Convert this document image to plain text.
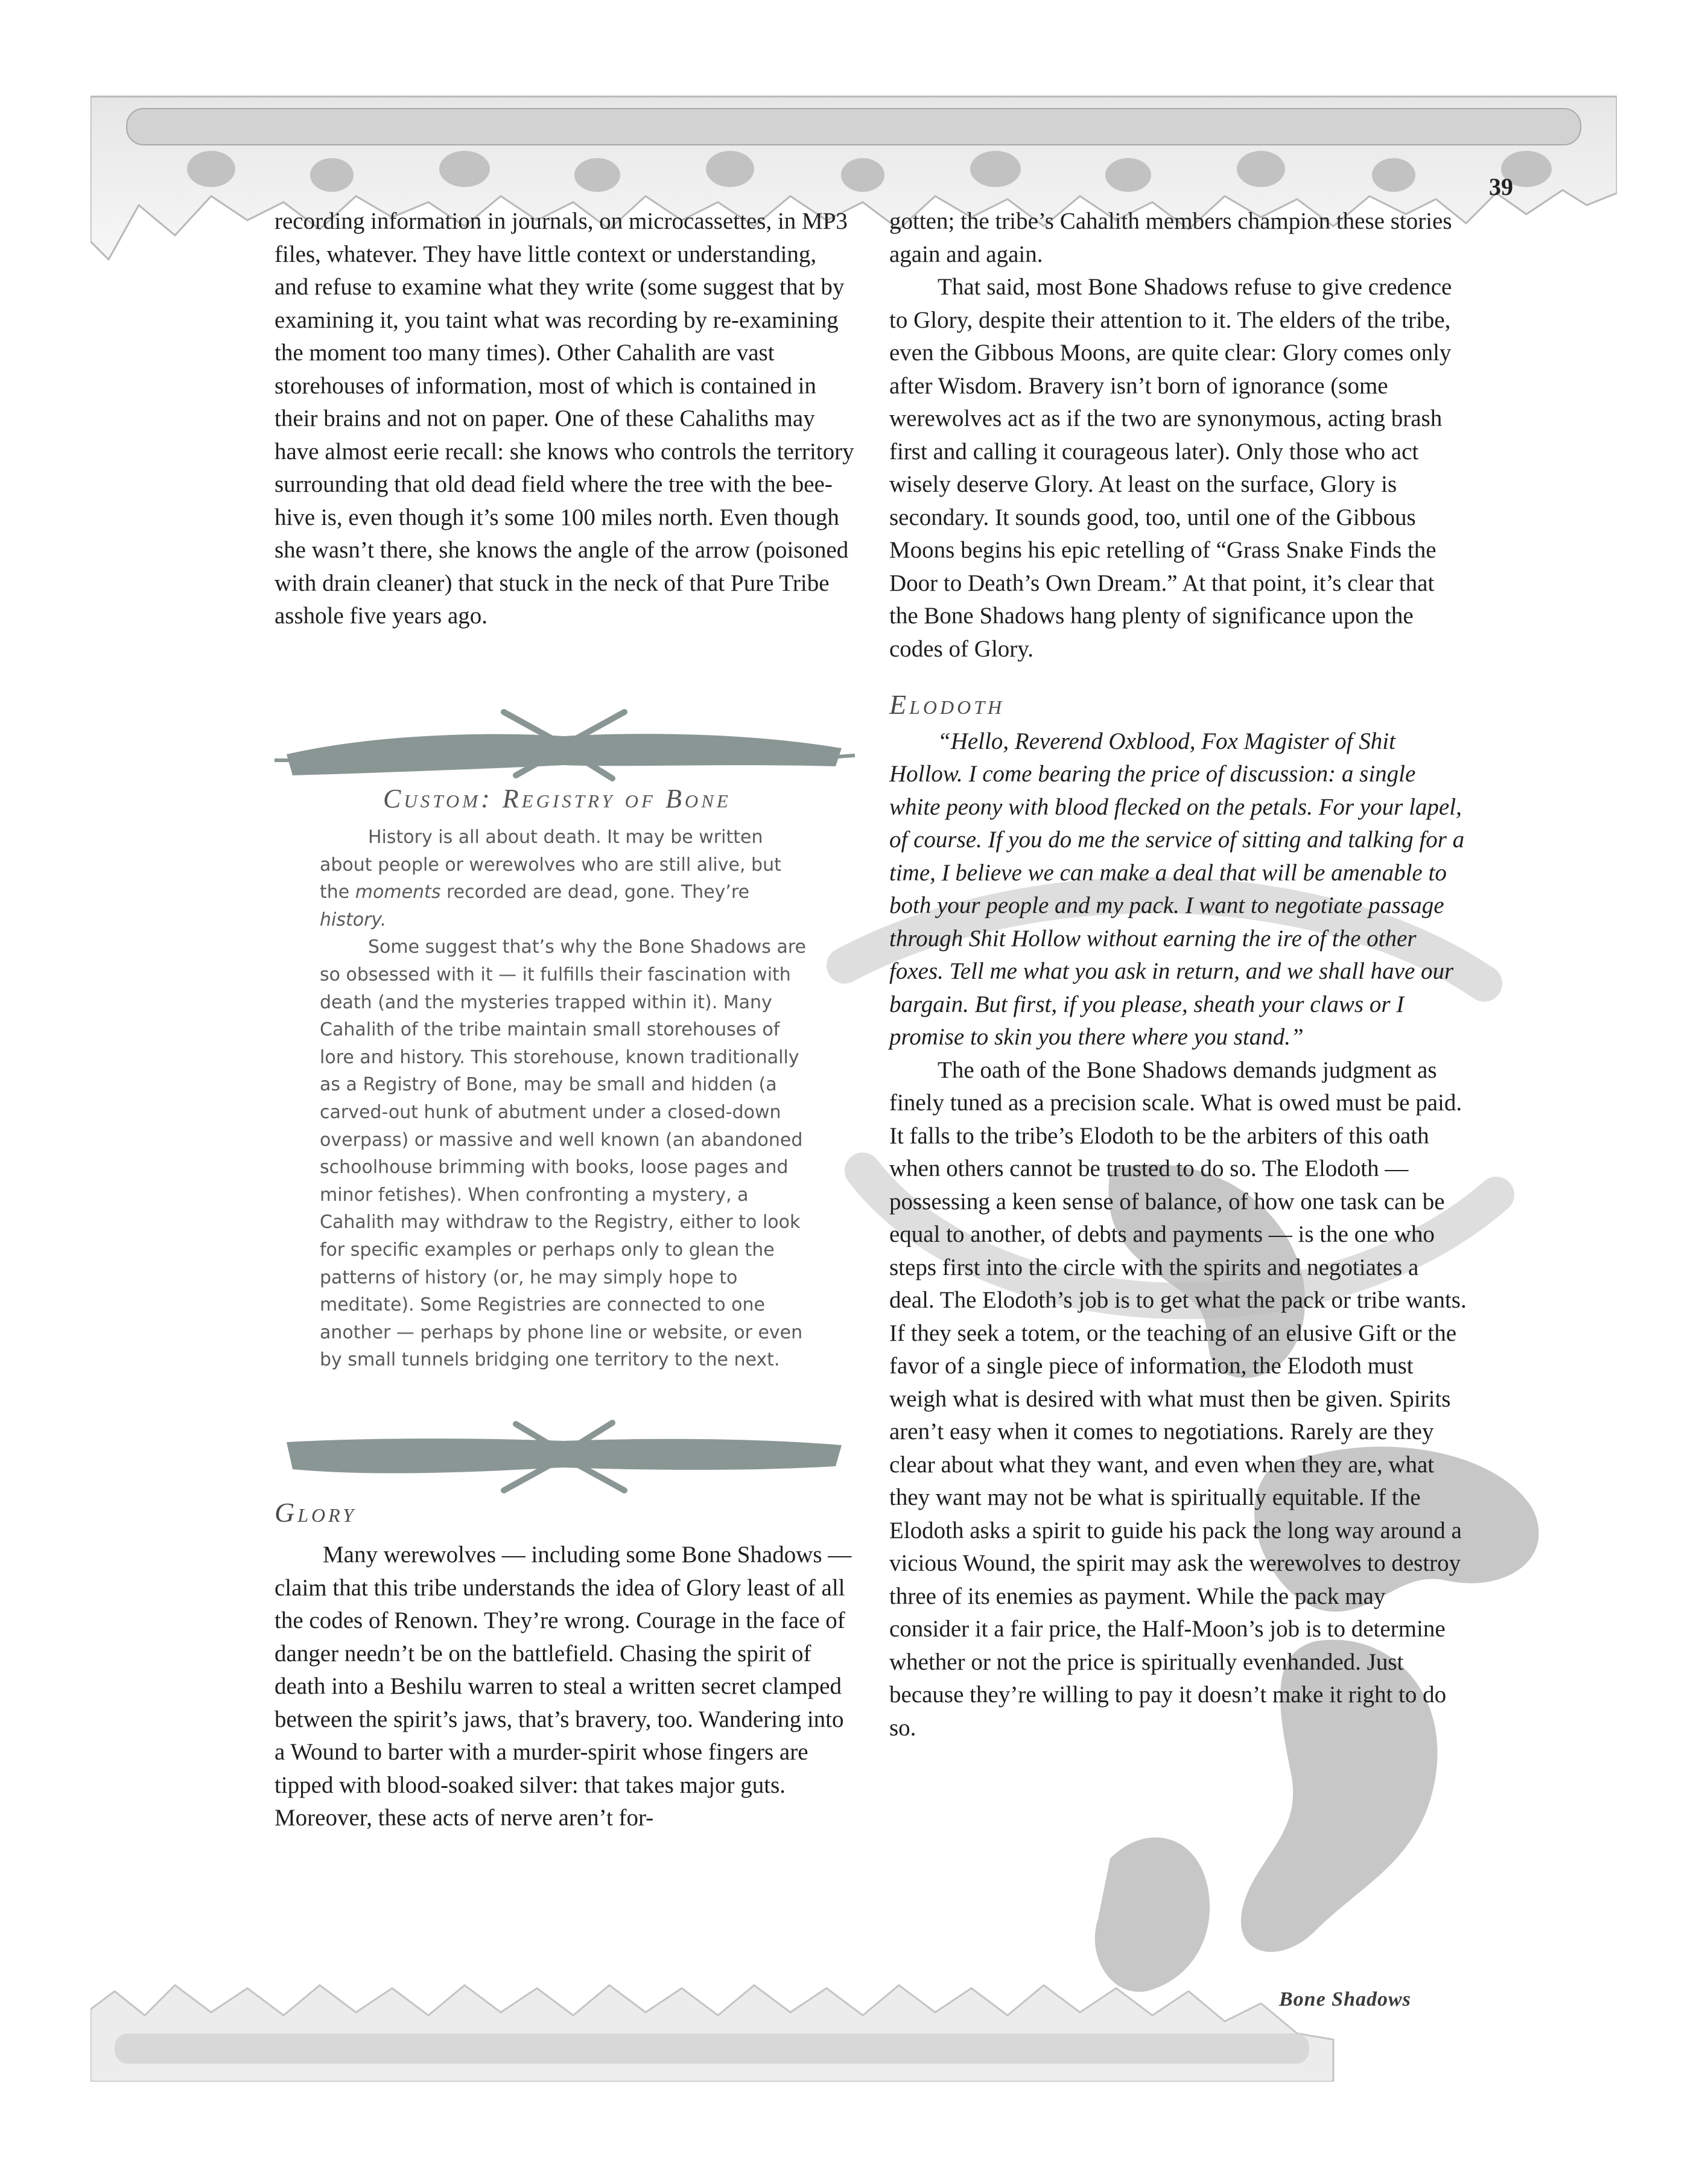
39

recording information in journals, on microcassettes, in MP3 files, whatever. They have little context or understanding, and refuse to examine what they write (some suggest that by examining it, you taint what was recording by re-examining the moment too many times). Other Cahalith are vast storehouses of information, most of which is contained in their brains and not on paper. One of these Cahaliths may have almost eerie recall: she knows who controls the territory surrounding that old dead field where the tree with the bee-hive is, even though it’s some 100 miles north. Even though she wasn’t there, she knows the angle of the arrow (poisoned with drain cleaner) that stuck in the neck of that Pure Tribe asshole five years ago.

Custom: Registry of Bone

History is all about death. It may be written about people or werewolves who are still alive, but the moments recorded are dead, gone. They’re history.

Some suggest that’s why the Bone Shadows are so obsessed with it — it fulfills their fascination with death (and the mysteries trapped within it). Many Cahalith of the tribe maintain small storehouses of lore and history. This storehouse, known traditionally as a Registry of Bone, may be small and hidden (a carved-out hunk of abutment under a closed-down overpass) or massive and well known (an abandoned schoolhouse brimming with books, loose pages and minor fetishes). When confronting a mystery, a Cahalith may withdraw to the Registry, either to look for specific examples or perhaps only to glean the patterns of history (or, he may simply hope to meditate). Some Registries are connected to one another — perhaps by phone line or website, or even by small tunnels bridging one territory to the next.

Glory

Many werewolves — including some Bone Shadows — claim that this tribe understands the idea of Glory least of all the codes of Renown. They’re wrong. Courage in the face of danger needn’t be on the battlefield. Chasing the spirit of death into a Beshilu warren to steal a written secret clamped between the spirit’s jaws, that’s bravery, too. Wandering into a Wound to barter with a murder-spirit whose fingers are tipped with blood-soaked silver: that takes major guts. Moreover, these acts of nerve aren’t for-

gotten; the tribe’s Cahalith members champion these stories again and again.

That said, most Bone Shadows refuse to give credence to Glory, despite their attention to it. The elders of the tribe, even the Gibbous Moons, are quite clear: Glory comes only after Wisdom. Bravery isn’t born of ignorance (some werewolves act as if the two are synonymous, acting brash first and calling it courageous later). Only those who act wisely deserve Glory. At least on the surface, Glory is secondary. It sounds good, too, until one of the Gibbous Moons begins his epic retelling of “Grass Snake Finds the Door to Death’s Own Dream.” At that point, it’s clear that the Bone Shadows hang plenty of significance upon the codes of Glory.

Elodoth

“Hello, Reverend Oxblood, Fox Magister of Shit Hollow. I come bearing the price of discussion: a single white peony with blood flecked on the petals. For your lapel, of course. If you do me the service of sitting and talking for a time, I believe we can make a deal that will be amenable to both your people and my pack. I want to negotiate passage through Shit Hollow without earning the ire of the other foxes. Tell me what you ask in return, and we shall have our bargain. But first, if you please, sheath your claws or I promise to skin you there where you stand.”

The oath of the Bone Shadows demands judgment as finely tuned as a precision scale. What is owed must be paid. It falls to the tribe’s Elodoth to be the arbiters of this oath when others cannot be trusted to do so. The Elodoth — possessing a keen sense of balance, of how one task can be equal to another, of debts and payments — is the one who steps first into the circle with the spirits and negotiates a deal. The Elodoth’s job is to get what the pack or tribe wants. If they seek a totem, or the teaching of an elusive Gift or the favor of a single piece of information, the Elodoth must weigh what is desired with what must then be given. Spirits aren’t easy when it comes to negotiations. Rarely are they clear about what they want, and even when they are, what they want may not be what is spiritually equitable. If the Elodoth asks a spirit to guide his pack the long way around a vicious Wound, the spirit may ask the werewolves to destroy three of its enemies as payment. While the pack may consider it a fair price, the Half-Moon’s job is to determine whether or not the price is spiritually evenhanded. Just because they’re willing to pay it doesn’t make it right to do so.

Bone Shadows
